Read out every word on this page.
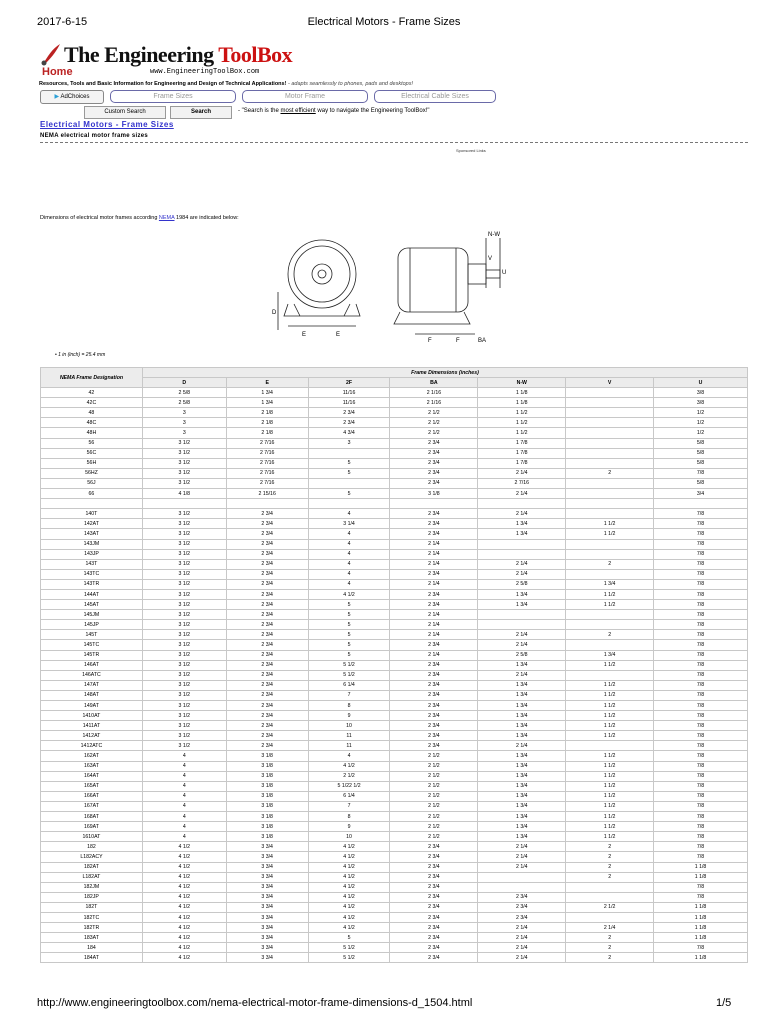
2017-6-15	Electrical Motors - Frame Sizes
The Engineering ToolBox
Home	www.EngineeringToolBox.com
Resources, Tools and Basic Information for Engineering and Design of Technical Applications! - adapts seamlessly to phones, pads and desktops!
▶ AdChoices	Frame Sizes	Motor Frame	Electrical Cable Sizes
Custom Search	Search	- "Search is the most efficient way to navigate the Engineering ToolBox!"
Electrical Motors - Frame Sizes
NEMA electrical motor frame sizes
Sponsored Links
Dimensions of electrical motor frames according NEMA 1984 are indicated below:
N-W
V
U
D
E	E
F	F	BA
• 1 in (inch) = 25.4 mm
NEMA Frame Designation	Frame Dimensions (inches)						
	D	E	2F	BA	N-W	V	U
42	2 5/8	1 3/4	11/16	2 1/16	1 1/8		3/8
42C	2 5/8	1 3/4	11/16	2 1/16	1 1/8		3/8
48	3	2 1/8	2 3/4	2 1/2	1 1/2		1/2
48C	3	2 1/8	2 3/4	2 1/2	1 1/2		1/2
48H	3	2 1/8	4 3/4	2 1/2	1 1/2		1/2
56	3 1/2	2 7/16	3	2 3/4	1 7/8		5/8
56C	3 1/2	2 7/16		2 3/4	1 7/8		5/8
56H	3 1/2	2 7/16	5	2 3/4	1 7/8		5/8
56HZ	3 1/2	2 7/16	5	2 3/4	2 1/4	2	7/8
56J	3 1/2	2 7/16		2 3/4	2 7/16		5/8
66	4 1/8	2 15/16	5	3 1/8	2 1/4		3/4

140T	3 1/2	2 3/4	4	2 3/4	2 1/4		7/8
142AT	3 1/2	2 3/4	3 1/4	2 3/4	1 3/4	1 1/2	7/8
143AT	3 1/2	2 3/4	4	2 3/4	1 3/4	1 1/2	7/8
143JM	3 1/2	2 3/4	4	2 1/4			7/8
143JP	3 1/2	2 3/4	4	2 1/4			7/8
143T	3 1/2	2 3/4	4	2 1/4	2 1/4	2	7/8
143TC	3 1/2	2 3/4	4	2 3/4	2 1/4		7/8
143TR	3 1/2	2 3/4	4	2 1/4	2 5/8	1 3/4	7/8
144AT	3 1/2	2 3/4	4 1/2	2 3/4	1 3/4	1 1/2	7/8
145AT	3 1/2	2 3/4	5	2 3/4	1 3/4	1 1/2	7/8
145JM	3 1/2	2 3/4	5	2 1/4			7/8
145JP	3 1/2	2 3/4	5	2 1/4			7/8
145T	3 1/2	2 3/4	5	2 1/4	2 1/4	2	7/8
145TC	3 1/2	2 3/4	5	2 3/4	2 1/4		7/8
145TR	3 1/2	2 3/4	5	2 1/4	2 5/8	1 3/4	7/8
146AT	3 1/2	2 3/4	5 1/2	2 3/4	1 3/4	1 1/2	7/8
146ATC	3 1/2	2 3/4	5 1/2	2 3/4	2 1/4		7/8
147AT	3 1/2	2 3/4	6 1/4	2 3/4	1 3/4	1 1/2	7/8
148AT	3 1/2	2 3/4	7	2 3/4	1 3/4	1 1/2	7/8
149AT	3 1/2	2 3/4	8	2 3/4	1 3/4	1 1/2	7/8
1410AT	3 1/2	2 3/4	9	2 3/4	1 3/4	1 1/2	7/8
1411AT	3 1/2	2 3/4	10	2 3/4	1 3/4	1 1/2	7/8
1412AT	3 1/2	2 3/4	11	2 3/4	1 3/4	1 1/2	7/8
1412ATC	3 1/2	2 3/4	11	2 3/4	2 1/4		7/8
162AT	4	3 1/8	4	2 1/2	1 3/4	1 1/2	7/8
163AT	4	3 1/8	4 1/2	2 1/2	1 3/4	1 1/2	7/8
164AT	4	3 1/8	2 1/2	2 1/2	1 3/4	1 1/2	7/8
165AT	4	3 1/8	5 1/22 1/2	2 1/2	1 3/4	1 1/2	7/8
166AT	4	3 1/8	6 1/4	2 1/2	1 3/4	1 1/2	7/8
167AT	4	3 1/8	7	2 1/2	1 3/4	1 1/2	7/8
168AT	4	3 1/8	8	2 1/2	1 3/4	1 1/2	7/8
169AT	4	3 1/8	9	2 1/2	1 3/4	1 1/2	7/8
1610AT	4	3 1/8	10	2 1/2	1 3/4	1 1/2	7/8
182	4 1/2	3 3/4	4 1/2	2 3/4	2 1/4	2	7/8
L182ACY	4 1/2	3 3/4	4 1/2	2 3/4	2 1/4	2	7/8
182AT	4 1/2	3 3/4	4 1/2	2 3/4	2 1/4	2	1 1/8
L182AT	4 1/2	3 3/4	4 1/2	2 3/4		2	1 1/8
182JM	4 1/2	3 3/4	4 1/2	2 3/4			7/8
182JP	4 1/2	3 3/4	4 1/2	2 3/4	2 3/4		7/8
182T	4 1/2	3 3/4	4 1/2	2 3/4	2 3/4	2 1/2	1 1/8
182TC	4 1/2	3 3/4	4 1/2	2 3/4	2 3/4		1 1/8
182TR	4 1/2	3 3/4	4 1/2	2 3/4	2 1/4	2 1/4	1 1/8
183AT	4 1/2	3 3/4	5	2 3/4	2 1/4	2	1 1/8
184	4 1/2	3 3/4	5 1/2	2 3/4	2 1/4	2	7/8
184AT	4 1/2	3 3/4	5 1/2	2 3/4	2 1/4	2	1 1/8
http://www.engineeringtoolbox.com/nema-electrical-motor-frame-dimensions-d_1504.html	1/5
